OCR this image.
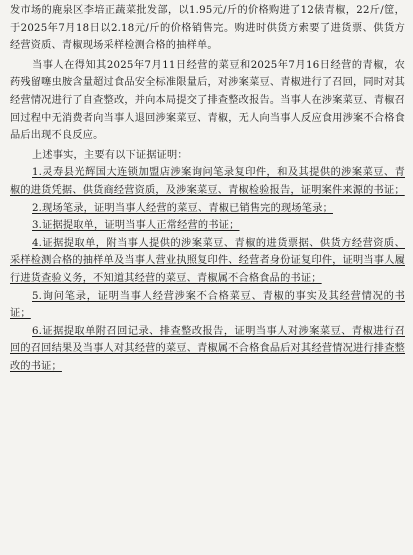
发市场的鹿泉区李培正蔬菜批发部，以1.95元/斤的价格购进了12俵青椒，22斤/筐，于2025年7月18日以2.18元/斤的价格销售完。购进时供货方索要了进货票、供货方经营资质、青椒现场采样检测合格的抽样单。

当事人在得知其2025年7月11日经营的菜豆和2025年7月16日经营的青椒，农药残留噻虫胺含量超过食品安全标准限量后，对涉案菜豆、青椒进行了召回，同时对其经营情况进行了自查整改，并向本局提交了排查整改报告。当事人在涉案菜豆、青椒召回过程中无消费者向当事人退回涉案菜豆、青椒，无人向当事人反应食用涉案不合格食品后出现不良反应。

上述事实，主要有以下证据证明：

1.灵寿县光辉国大连锁加盟店涉案询问笔录复印件，和及其提供的涉案菜豆、青椒的进货凭据、供货商经营资质，及涉案菜豆、青椒检验报告，证明案件来源的书证；

2.现场笔录，证明当事人经营的菜豆、青椒已销售完的现场笔录；

3.证据提取单，证明当事人正常经营的书证；

4.证据提取单，附当事人提供的涉案菜豆、青椒的进货票据、供货方经营资质、采样检测合格的抽样单及当事人营业执照复印件、经营者身份证复印件，证明当事人履行进货查验义务，不知道其经营的菜豆、青椒属不合格食品的书证；

5.询问笔录，证明当事人经营涉案不合格菜豆、青椒的事实及其经营情况的书证；

6.证据提取单附召回记录、排查整改报告，证明当事人对涉案菜豆、青椒进行召回的召回结果及当事人对其经营的菜豆、青椒属不合格食品后对其经营情况进行排查整改的书证；
